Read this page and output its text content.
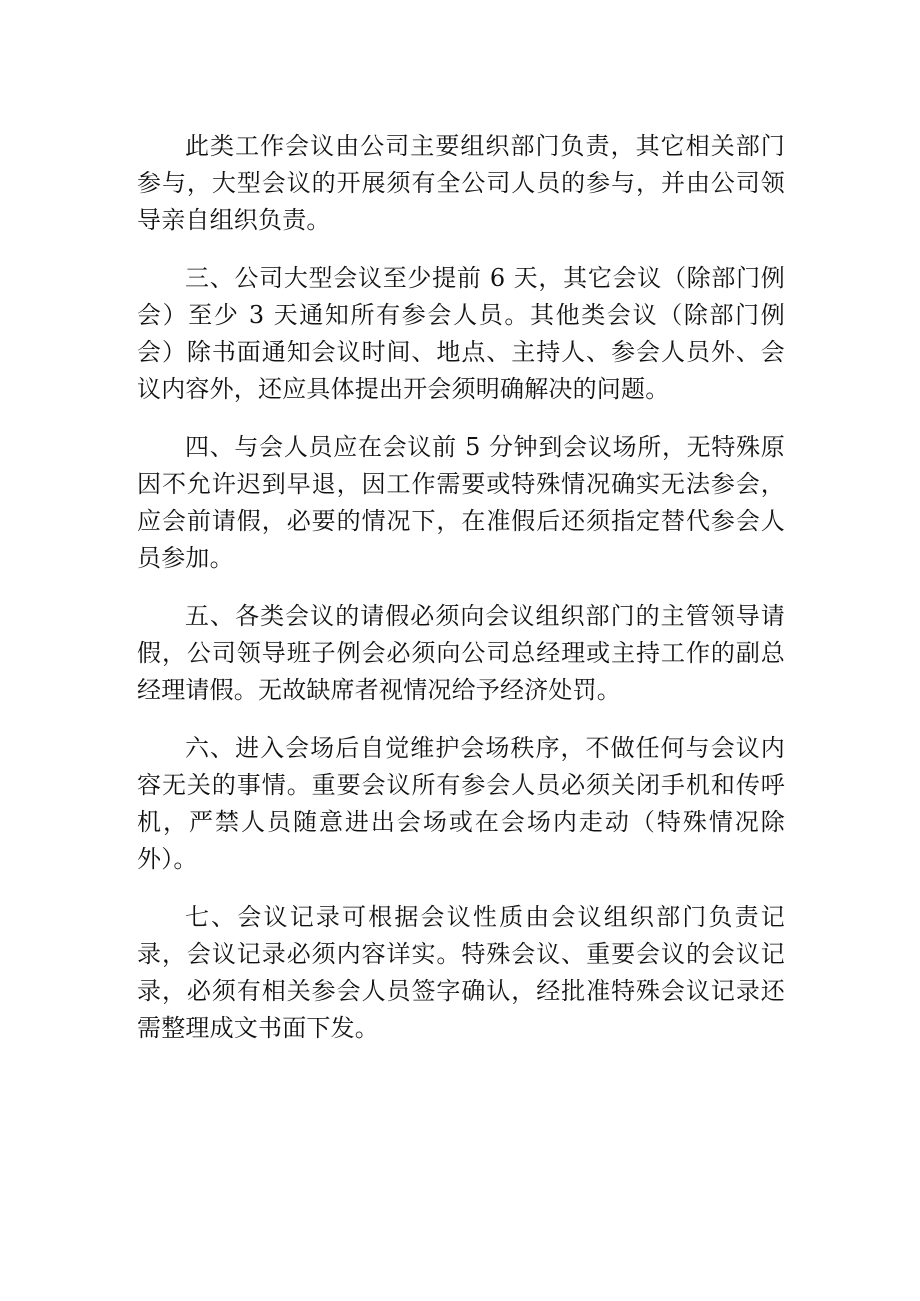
此类工作会议由公司主要组织部门负责，其它相关部门参与，大型会议的开展须有全公司人员的参与，并由公司领导亲自组织负责。

三、公司大型会议至少提前 6 天，其它会议（除部门例会）至少 3 天通知所有参会人员。其他类会议（除部门例会）除书面通知会议时间、地点、主持人、参会人员外、会议内容外，还应具体提出开会须明确解决的问题。

四、与会人员应在会议前 5 分钟到会议场所，无特殊原因不允许迟到早退，因工作需要或特殊情况确实无法参会，应会前请假，必要的情况下，在准假后还须指定替代参会人员参加。

五、各类会议的请假必须向会议组织部门的主管领导请假，公司领导班子例会必须向公司总经理或主持工作的副总经理请假。无故缺席者视情况给予经济处罚。

六、进入会场后自觉维护会场秩序，不做任何与会议内容无关的事情。重要会议所有参会人员必须关闭手机和传呼机，严禁人员随意进出会场或在会场内走动（特殊情况除外）。

七、会议记录可根据会议性质由会议组织部门负责记录，会议记录必须内容详实。特殊会议、重要会议的会议记录，必须有相关参会人员签字确认，经批准特殊会议记录还需整理成文书面下发。
